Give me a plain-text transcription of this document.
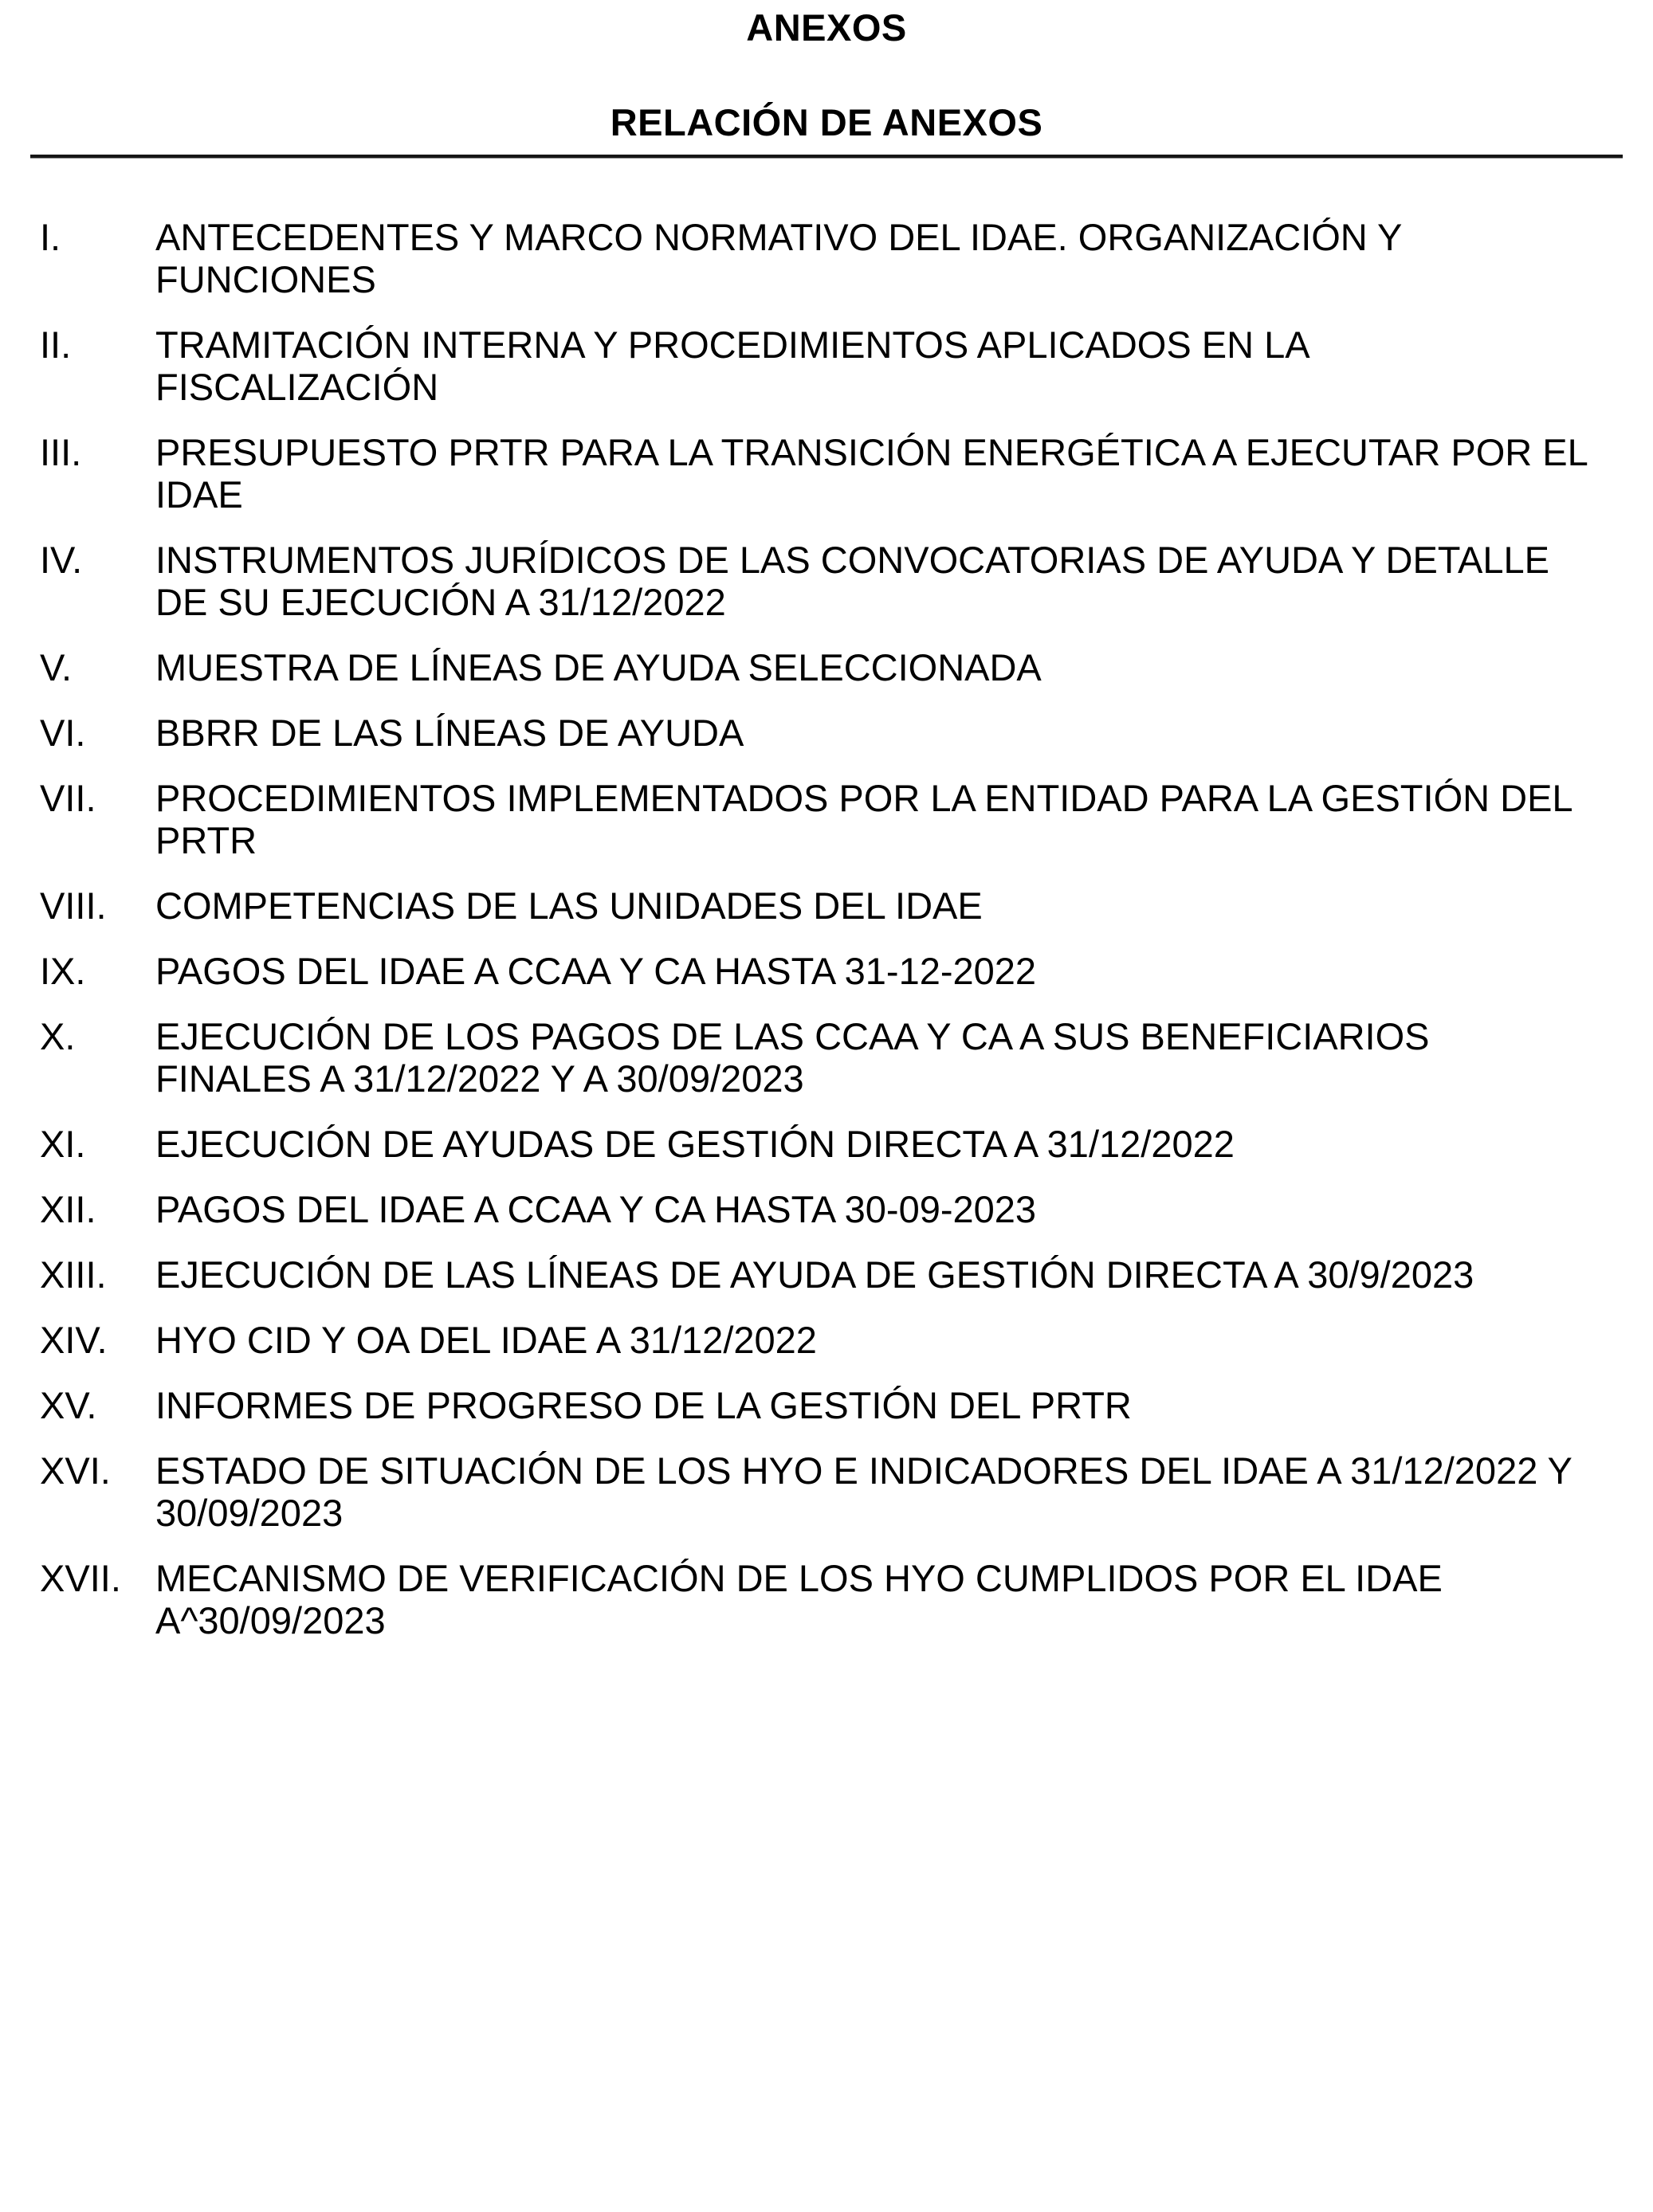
ANEXOS
RELACIÓN DE ANEXOS
I.	ANTECEDENTES Y MARCO NORMATIVO DEL IDAE. ORGANIZACIÓN Y
FUNCIONES
II.	TRAMITACIÓN INTERNA Y PROCEDIMIENTOS APLICADOS EN LA
FISCALIZACIÓN
III.	PRESUPUESTO PRTR PARA LA TRANSICIÓN ENERGÉTICA A EJECUTAR POR EL
IDAE
IV.	INSTRUMENTOS JURÍDICOS DE LAS CONVOCATORIAS DE AYUDA Y DETALLE
DE SU EJECUCIÓN A 31/12/2022
V.	MUESTRA DE LÍNEAS DE AYUDA SELECCIONADA
VI.	BBRR DE LAS LÍNEAS DE AYUDA
VII.	PROCEDIMIENTOS IMPLEMENTADOS POR LA ENTIDAD PARA LA GESTIÓN DEL
PRTR
VIII.	COMPETENCIAS DE LAS UNIDADES DEL IDAE
IX.	PAGOS DEL IDAE A CCAA Y CA HASTA 31-12-2022
X.	EJECUCIÓN DE LOS PAGOS DE LAS CCAA Y CA A SUS BENEFICIARIOS
FINALES A 31/12/2022 Y A 30/09/2023
XI.	EJECUCIÓN DE AYUDAS DE GESTIÓN DIRECTA A 31/12/2022
XII.	PAGOS DEL IDAE A CCAA Y CA HASTA 30-09-2023
XIII.	EJECUCIÓN DE LAS LÍNEAS DE AYUDA DE GESTIÓN DIRECTA A 30/9/2023
XIV.	HYO CID Y OA DEL IDAE A 31/12/2022
XV.	INFORMES DE PROGRESO DE LA GESTIÓN DEL PRTR
XVI.	ESTADO DE SITUACIÓN DE LOS HYO E INDICADORES DEL IDAE A 31/12/2022 Y
30/09/2023
XVII. MECANISMO DE VERIFICACIÓN DE LOS HYO CUMPLIDOS POR EL IDAE
A^30/09/2023
